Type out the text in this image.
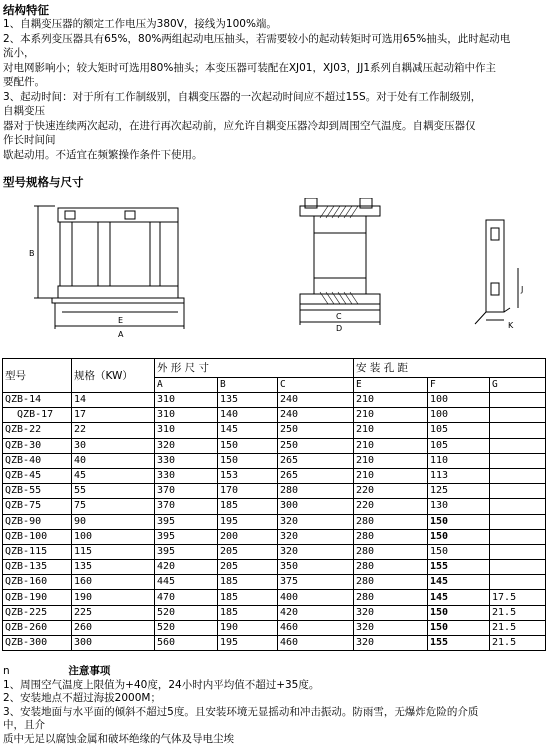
结构特征
1、自耦变压器的额定工作电压为380V，接线为100%端。
2、本系列变压器具有65%，80%两组起动电压抽头，若需要较小的起动转矩时可选用65%抽头，此时起动电
流小，
对电网影响小；较大矩时可选用80%抽头；本变压器可装配在XJ01，XJ03，JJ1系列自耦减压起动箱中作主
要配件。
3、起动时间：对于所有工作制级别，自耦变压器的一次起动时间应不超过15S。对于处有工作制级别，
自耦变压
器对于快速连续两次起动，在进行再次起动前，应允许自耦变压器冷却到周围空气温度。自耦变压器仅
作长时间间
歇起动用。不适宜在频繁操作条件下使用。
型号规格与尺寸
B
E
A
C
D
J
K
型号	规格（KW）	外 形 尺 寸			安 装 孔 距		
		A	B	C	E	F	G
QZB-14	14	310	135	240	210	100	
QZB-17	17	310	140	240	210	100	
QZB-22	22	310	145	250	210	105	
QZB-30	30	320	150	250	210	105	
QZB-40	40	330	150	265	210	110	
QZB-45	45	330	153	265	210	113	
QZB-55	55	370	170	280	220	125	
QZB-75	75	370	185	300	220	130	
QZB-90	90	395	195	320	280	150	
QZB-100	100	395	200	320	280	150	
QZB-115	115	395	205	320	280	150	
QZB-135	135	420	205	350	280	155	
QZB-160	160	445	185	375	280	145	
QZB-190	190	470	185	400	280	145	17.5
QZB-225	225	520	185	420	320	150	21.5
QZB-260	260	520	190	460	320	150	21.5
QZB-300	300	560	195	460	320	155	21.5
n	注意事项
1、周围空气温度上限值为+40度，24小时内平均值不超过+35度。
2、安装地点不超过海拔2000M；
3、安装地面与水平面的倾斜不超过5度。且安装环境无显摇动和冲击振动。防雨雪，无爆炸危险的介质
中，且介
质中无足以腐蚀金属和破坏绝缘的气体及导电尘埃
